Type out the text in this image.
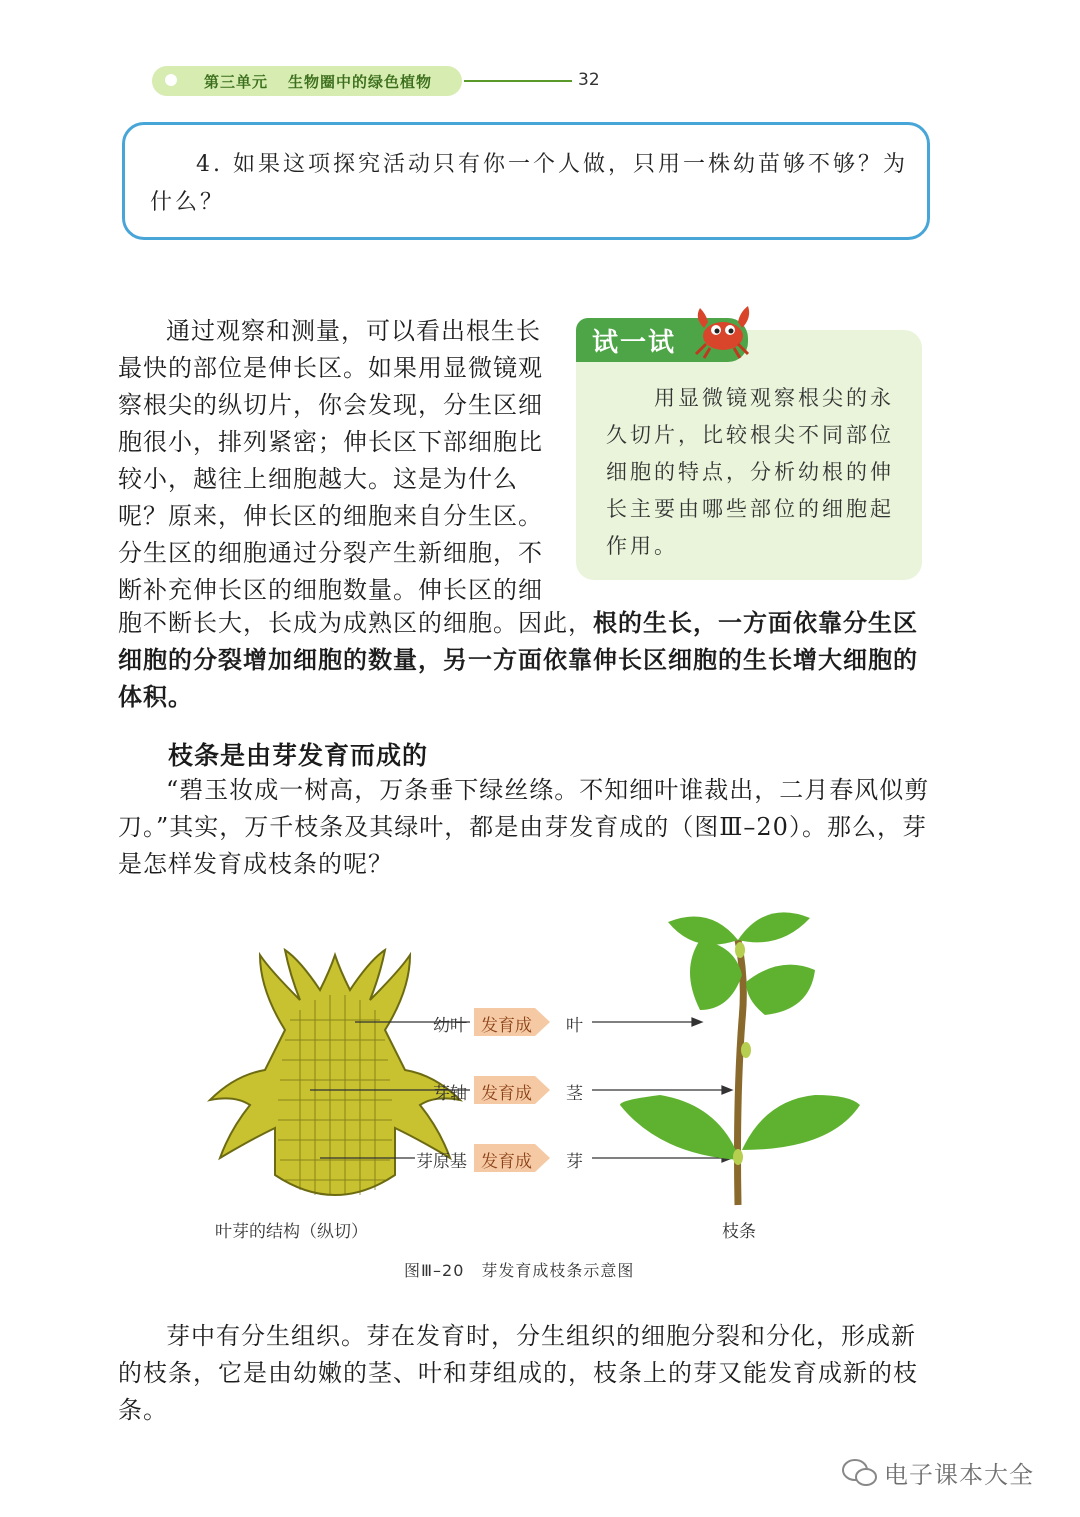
第三单元 生物圈中的绿色植物	32
4. 如果这项探究活动只有你一个人做，只用一株幼苗够不够？为什么？
通过观察和测量，可以看出根生长最快的部位是伸长区。如果用显微镜观察根尖的纵切片，你会发现，分生区细胞很小，排列紧密；伸长区下部细胞比较小，越往上细胞越大。这是为什么呢？原来，伸长区的细胞来自分生区。分生区的细胞通过分裂产生新细胞，不断补充伸长区的细胞数量。伸长区的细
试一试
用显微镜观察根尖的永久切片，比较根尖不同部位细胞的特点，分析幼根的伸长主要由哪些部位的细胞起作用。
胞不断长大，长成为成熟区的细胞。因此，根的生长，一方面依靠分生区细胞的分裂增加细胞的数量，另一方面依靠伸长区细胞的生长增大细胞的体积。
枝条是由芽发育而成的
“碧玉妆成一树高，万条垂下绿丝绦。不知细叶谁裁出，二月春风似剪刀。”其实，万千枝条及其绿叶，都是由芽发育成的（图Ⅲ–20）。那么，芽是怎样发育成枝条的呢？
幼叶 发育成 叶
芽轴 发育成 茎
芽原基 发育成 芽
叶芽的结构（纵切）	枝条
图Ⅲ–20　芽发育成枝条示意图
芽中有分生组织。芽在发育时，分生组织的细胞分裂和分化，形成新的枝条，它是由幼嫩的茎、叶和芽组成的，枝条上的芽又能发育成新的枝条。
电子课本大全
